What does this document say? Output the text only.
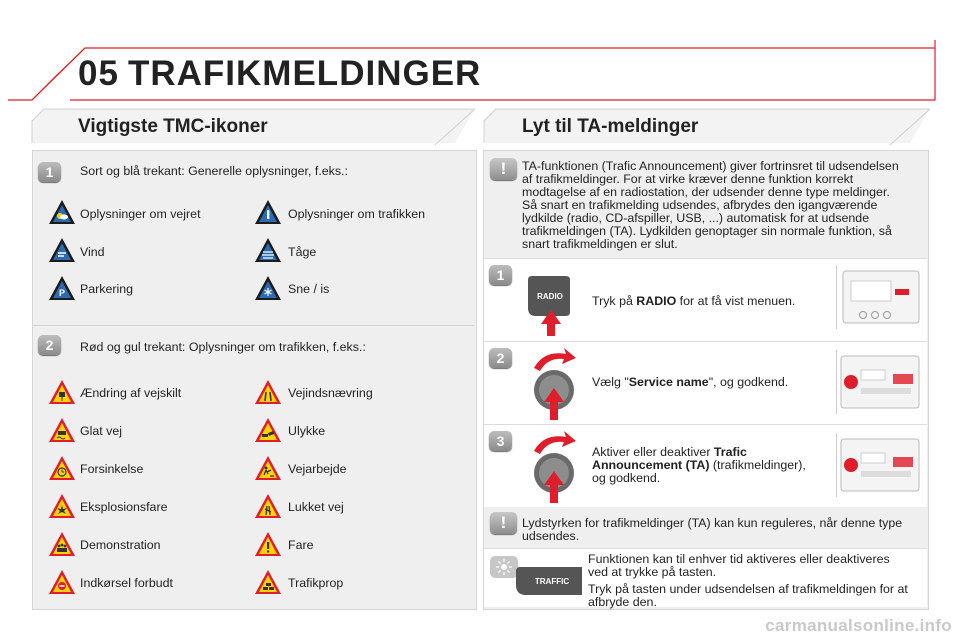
05 TRAFIKMELDINGER
Vigtigste TMC-ikoner
1	Sort og blå trekant: Generelle oplysninger, f.eks.:
Oplysninger om vejret	Oplysninger om trafikken
Vind	Tåge
P Parkering	Sne / is
2	Rød og gul trekant: Oplysninger om trafikken, f.eks.:
Ændring af vejskilt	Vejindsnævring
Glat vej	Ulykke
Forsinkelse	Vejarbejde
Eksplosionsfare	Lukket vej
Demonstration	Fare
Indkørsel forbudt	Trafikprop
Lyt til TA-meldinger
!	TA-funktionen (Trafic Announcement) giver fortrinsret til udsendelsen
af trafikmeldinger. For at virke kræver denne funktion korrekt
modtagelse af en radiostation, der udsender denne type meldinger.
Så snart en trafikmelding udsendes, afbrydes den igangværende
lydkilde (radio, CD-afspiller, USB, ...) automatisk for at udsende
trafikmeldingen (TA). Lydkilden genoptager sin normale funktion, så
snart trafikmeldingen er slut.
1
RADIO Tryk på RADIO for at få vist menuen.
2
Vælg "Service name", og godkend.
3
Aktiver eller deaktiver Trafic
Announcement (TA) (trafikmeldinger),
og godkend.
!	Lydstyrken for trafikmeldinger (TA) kan kun reguleres, når denne type
udsendes.
TRAFFIC
Funktionen kan til enhver tid aktiveres eller deaktiveres
ved at trykke på tasten.
Tryk på tasten under udsendelsen af trafikmeldingen for at
afbryde den.
carmanualsonline.info
